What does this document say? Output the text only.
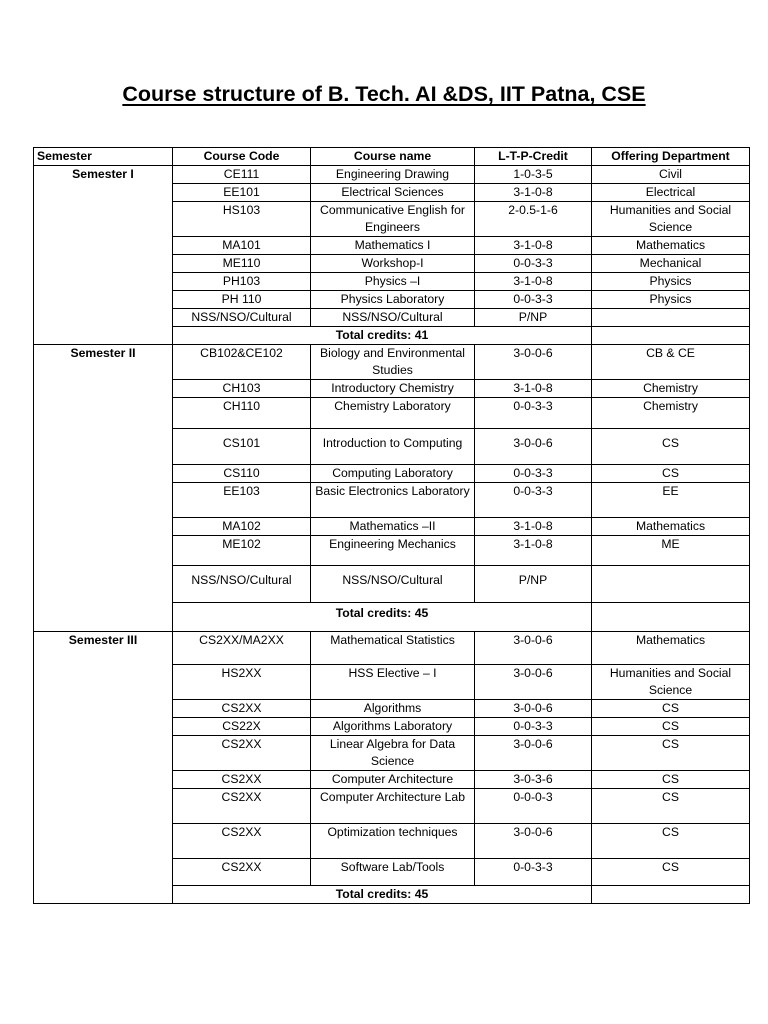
Course structure of B. Tech. AI &DS, IIT Patna, CSE
Semester	Course Code	Course name	L-T-P-Credit	Offering Department
Semester I	CE111	Engineering Drawing	1-0-3-5	Civil
	EE101	Electrical Sciences	3-1-0-8	Electrical
	HS103	Communicative English for Engineers	2-0.5-1-6	Humanities and Social Science
	MA101	Mathematics I	3-1-0-8	Mathematics
	ME110	Workshop-I	0-0-3-3	Mechanical
	PH103	Physics –I	3-1-0-8	Physics
	PH 110	Physics Laboratory	0-0-3-3	Physics
	NSS/NSO/Cultural	NSS/NSO/Cultural	P/NP	
	Total credits: 41			
Semester II	CB102&CE102	Biology and Environmental Studies	3-0-0-6	CB & CE
	CH103	Introductory Chemistry	3-1-0-8	Chemistry
	CH110	Chemistry Laboratory	0-0-3-3	Chemistry
	CS101	Introduction to Computing	3-0-0-6	CS
	CS110	Computing Laboratory	0-0-3-3	CS
	EE103	Basic Electronics Laboratory	0-0-3-3	EE
	MA102	Mathematics –II	3-1-0-8	Mathematics
	ME102	Engineering Mechanics	3-1-0-8	ME
	NSS/NSO/Cultural	NSS/NSO/Cultural	P/NP	
	Total credits: 45			
Semester III	CS2XX/MA2XX	Mathematical Statistics	3-0-0-6	Mathematics
	HS2XX	HSS Elective – I	3-0-0-6	Humanities and Social Science
	CS2XX	Algorithms	3-0-0-6	CS
	CS22X	Algorithms Laboratory	0-0-3-3	CS
	CS2XX	Linear Algebra for Data Science	3-0-0-6	CS
	CS2XX	Computer Architecture	3-0-3-6	CS
	CS2XX	Computer Architecture Lab	0-0-0-3	CS
	CS2XX	Optimization techniques	3-0-0-6	CS
	CS2XX	Software Lab/Tools	0-0-3-3	CS
	Total credits: 45			
